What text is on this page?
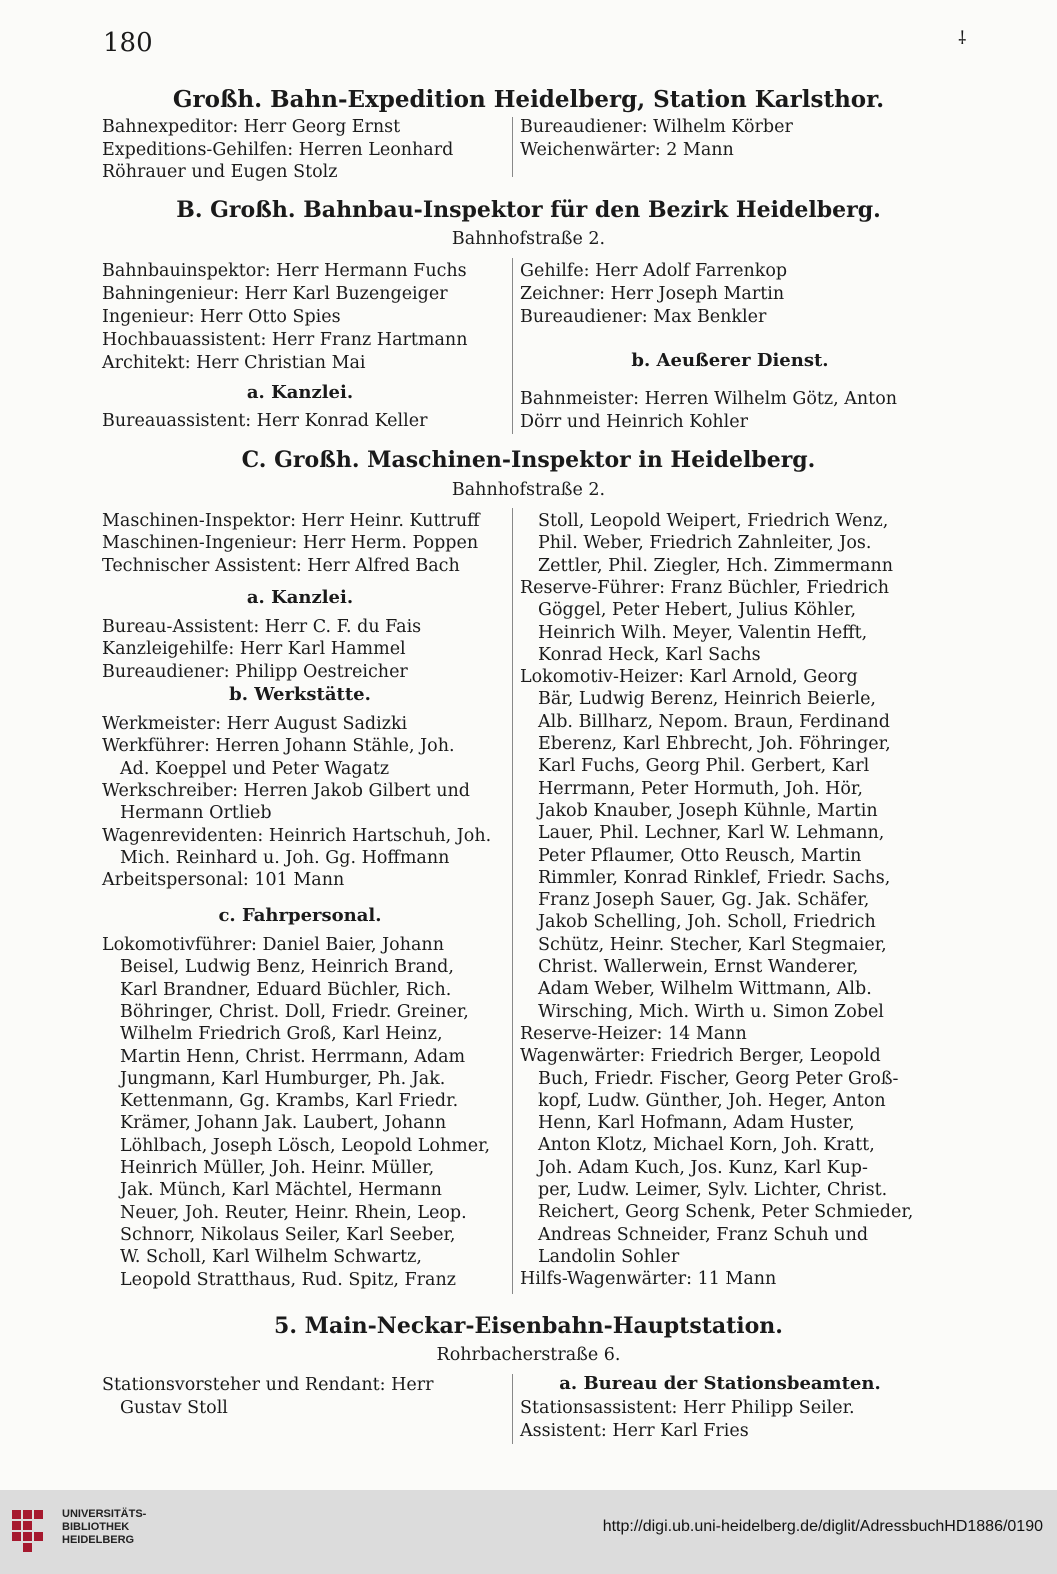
180	⸸
Großh. Bahn-Expedition Heidelberg, Station Karlsthor.
Bahnexpeditor: Herr Georg Ernst
Expeditions-Gehilfen: Herren Leonhard
Röhrauer und Eugen Stolz
Bureaudiener: Wilhelm Körber
Weichenwärter: 2 Mann
B. Großh. Bahnbau-Inspektor für den Bezirk Heidelberg.
Bahnhofstraße 2.
Bahnbauinspektor: Herr Hermann Fuchs
Bahningenieur: Herr Karl Buzengeiger
Ingenieur: Herr Otto Spies
Hochbauassistent: Herr Franz Hartmann
Architekt: Herr Christian Mai
a. Kanzlei.
Bureauassistent: Herr Konrad Keller
Gehilfe: Herr Adolf Farrenkop
Zeichner: Herr Joseph Martin
Bureaudiener: Max Benkler
b. Aeußerer Dienst.
Bahnmeister: Herren Wilhelm Götz, Anton
Dörr und Heinrich Kohler
C. Großh. Maschinen-Inspektor in Heidelberg.
Bahnhofstraße 2.
Maschinen-Inspektor: Herr Heinr. Kuttruff
Maschinen-Ingenieur: Herr Herm. Poppen
Technischer Assistent: Herr Alfred Bach
a. Kanzlei.
Bureau-Assistent: Herr C. F. du Fais
Kanzleigehilfe: Herr Karl Hammel
Bureaudiener: Philipp Oestreicher
b. Werkstätte.
Werkmeister: Herr August Sadizki
Werkführer: Herren Johann Stähle, Joh.
Ad. Koeppel und Peter Wagatz
Werkschreiber: Herren Jakob Gilbert und
Hermann Ortlieb
Wagenrevidenten: Heinrich Hartschuh, Joh.
Mich. Reinhard u. Joh. Gg. Hoffmann
Arbeitspersonal: 101 Mann
c. Fahrpersonal.
Lokomotivführer: Daniel Baier, Johann
Beisel, Ludwig Benz, Heinrich Brand,
Karl Brandner, Eduard Büchler, Rich.
Böhringer, Christ. Doll, Friedr. Greiner,
Wilhelm Friedrich Groß, Karl Heinz,
Martin Henn, Christ. Herrmann, Adam
Jungmann, Karl Humburger, Ph. Jak.
Kettenmann, Gg. Krambs, Karl Friedr.
Krämer, Johann Jak. Laubert, Johann
Löhlbach, Joseph Lösch, Leopold Lohmer,
Heinrich Müller, Joh. Heinr. Müller,
Jak. Münch, Karl Mächtel, Hermann
Neuer, Joh. Reuter, Heinr. Rhein, Leop.
Schnorr, Nikolaus Seiler, Karl Seeber,
W. Scholl, Karl Wilhelm Schwartz,
Leopold Stratthaus, Rud. Spitz, Franz
Stoll, Leopold Weipert, Friedrich Wenz,
Phil. Weber, Friedrich Zahnleiter, Jos.
Zettler, Phil. Ziegler, Hch. Zimmermann
Reserve-Führer: Franz Büchler, Friedrich
Göggel, Peter Hebert, Julius Köhler,
Heinrich Wilh. Meyer, Valentin Hefft,
Konrad Heck, Karl Sachs
Lokomotiv-Heizer: Karl Arnold, Georg
Bär, Ludwig Berenz, Heinrich Beierle,
Alb. Billharz, Nepom. Braun, Ferdinand
Eberenz, Karl Ehbrecht, Joh. Föhringer,
Karl Fuchs, Georg Phil. Gerbert, Karl
Herrmann, Peter Hormuth, Joh. Hör,
Jakob Knauber, Joseph Kühnle, Martin
Lauer, Phil. Lechner, Karl W. Lehmann,
Peter Pflaumer, Otto Reusch, Martin
Rimmler, Konrad Rinklef, Friedr. Sachs,
Franz Joseph Sauer, Gg. Jak. Schäfer,
Jakob Schelling, Joh. Scholl, Friedrich
Schütz, Heinr. Stecher, Karl Stegmaier,
Christ. Wallerwein, Ernst Wanderer,
Adam Weber, Wilhelm Wittmann, Alb.
Wirsching, Mich. Wirth u. Simon Zobel
Reserve-Heizer: 14 Mann
Wagenwärter: Friedrich Berger, Leopold
Buch, Friedr. Fischer, Georg Peter Groß-
kopf, Ludw. Günther, Joh. Heger, Anton
Henn, Karl Hofmann, Adam Huster,
Anton Klotz, Michael Korn, Joh. Kratt,
Joh. Adam Kuch, Jos. Kunz, Karl Kup-
per, Ludw. Leimer, Sylv. Lichter, Christ.
Reichert, Georg Schenk, Peter Schmieder,
Andreas Schneider, Franz Schuh und
Landolin Sohler
Hilfs-Wagenwärter: 11 Mann
5. Main-Neckar-Eisenbahn-Hauptstation.
Rohrbacherstraße 6.
Stationsvorsteher und Rendant: Herr
Gustav Stoll
a. Bureau der Stationsbeamten.
Stationsassistent: Herr Philipp Seiler.
Assistent: Herr Karl Fries
UNIVERSITÄTS-
BIBLIOTHEK
HEIDELBERG
http://digi.ub.uni-heidelberg.de/diglit/AdressbuchHD1886/0190
